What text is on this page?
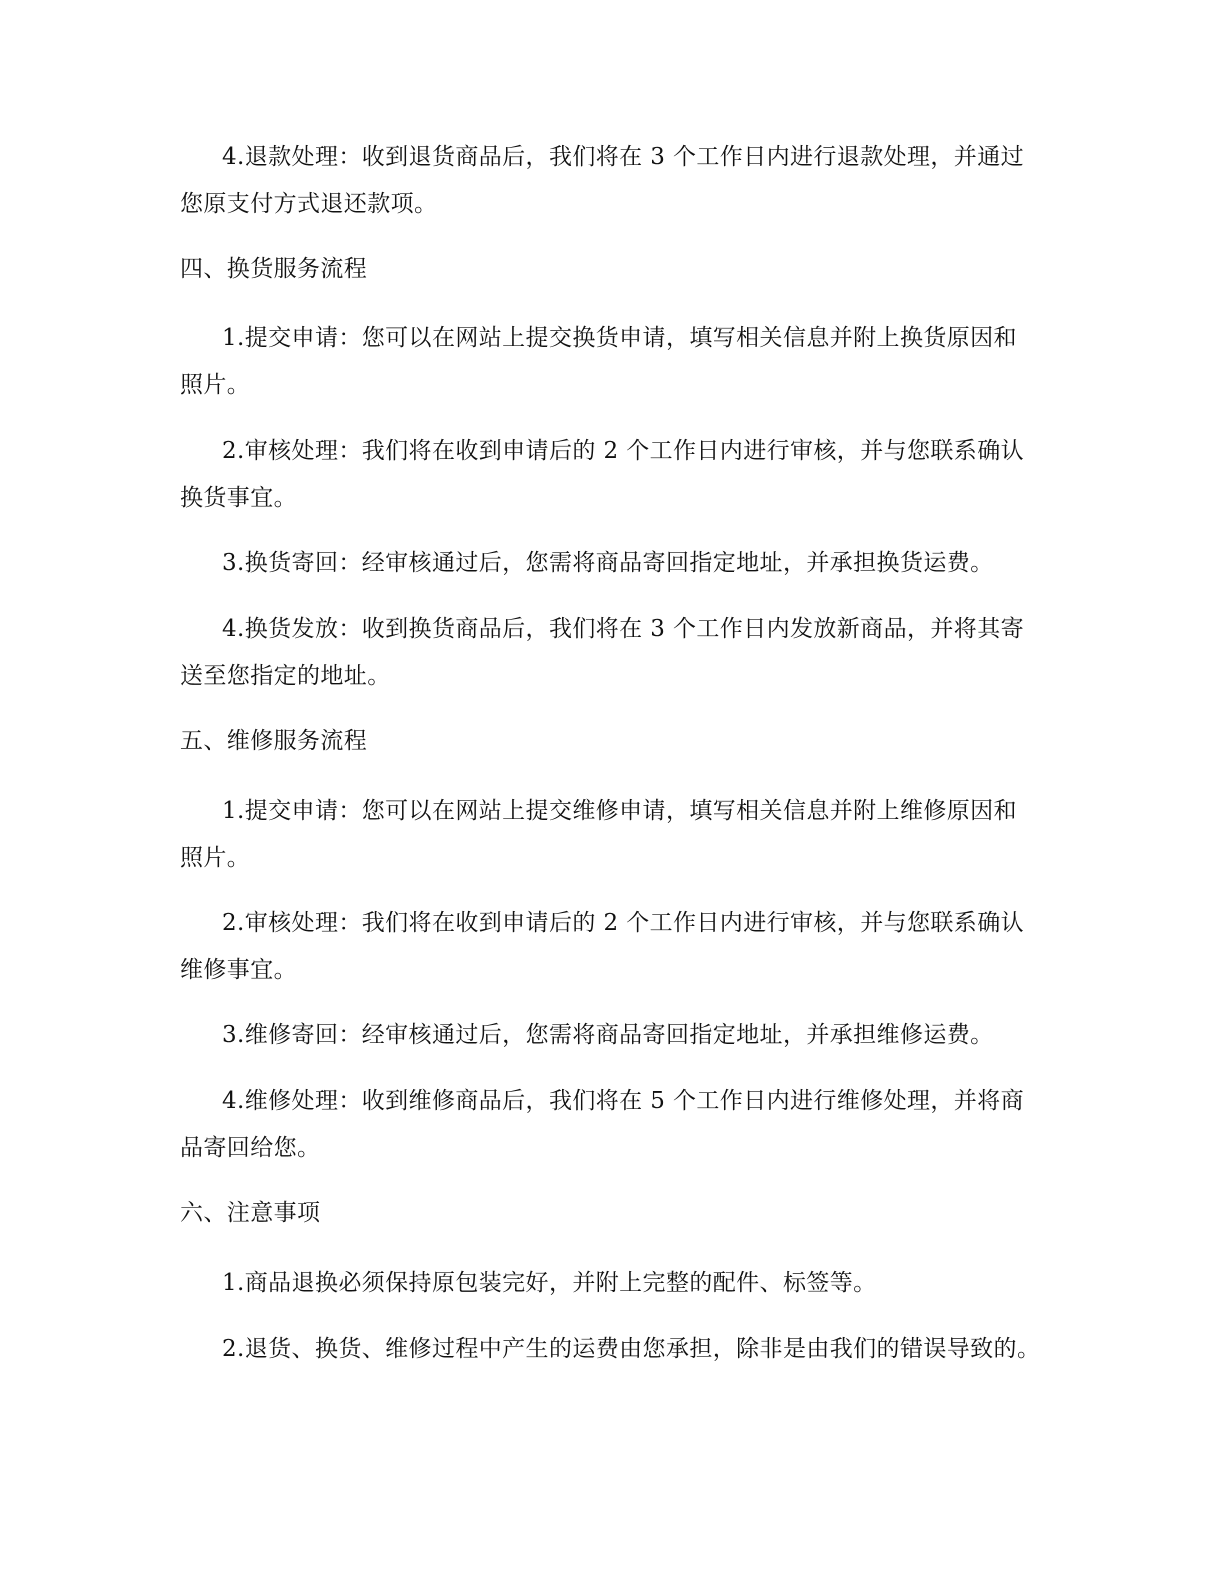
4.退款处理：收到退货商品后，我们将在 3 个工作日内进行退款处理，并通过
您原支付方式退还款项。
四、换货服务流程
1.提交申请：您可以在网站上提交换货申请，填写相关信息并附上换货原因和
照片。
2.审核处理：我们将在收到申请后的 2 个工作日内进行审核，并与您联系确认
换货事宜。
3.换货寄回：经审核通过后，您需将商品寄回指定地址，并承担换货运费。
4.换货发放：收到换货商品后，我们将在 3 个工作日内发放新商品，并将其寄
送至您指定的地址。
五、维修服务流程
1.提交申请：您可以在网站上提交维修申请，填写相关信息并附上维修原因和
照片。
2.审核处理：我们将在收到申请后的 2 个工作日内进行审核，并与您联系确认
维修事宜。
3.维修寄回：经审核通过后，您需将商品寄回指定地址，并承担维修运费。
4.维修处理：收到维修商品后，我们将在 5 个工作日内进行维修处理，并将商
品寄回给您。
六、注意事项
1.商品退换必须保持原包装完好，并附上完整的配件、标签等。
2.退货、换货、维修过程中产生的运费由您承担，除非是由我们的错误导致的。
